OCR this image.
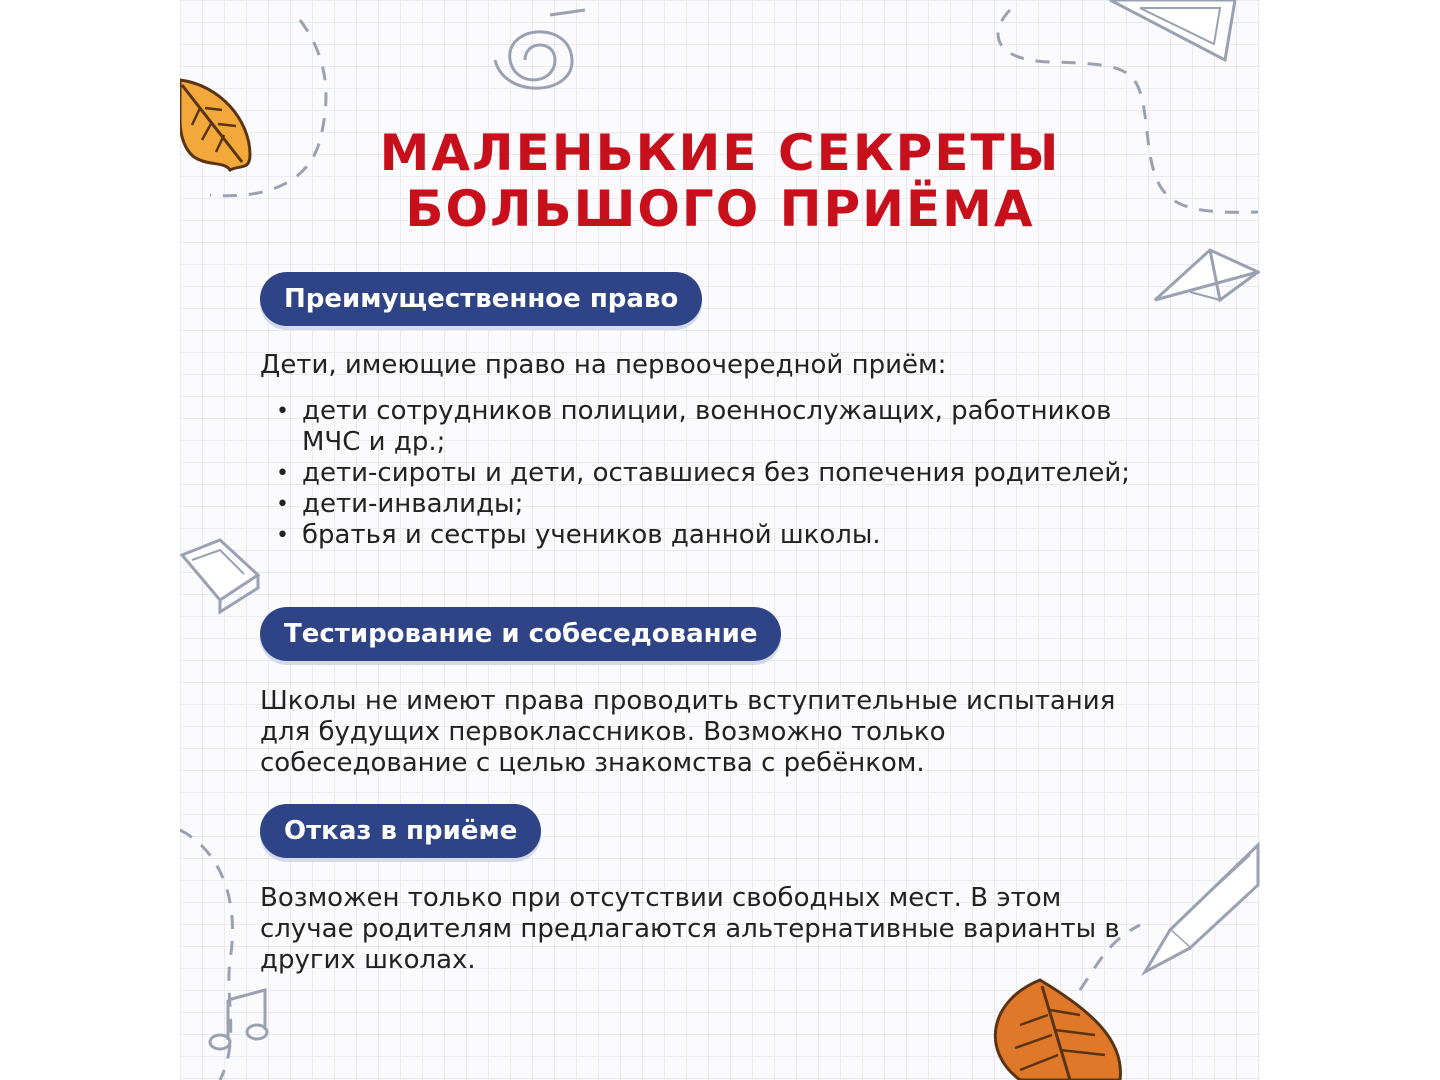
МАЛЕНЬКИЕ СЕКРЕТЫ
БОЛЬШОГО ПРИЁМА
Преимущественное право
Дети, имеющие право на первоочередной приём:
• дети сотрудников полиции, военнослужащих, работников МЧС и др.;
• дети-сироты и дети, оставшиеся без попечения родителей;
• дети-инвалиды;
• братья и сестры учеников данной школы.
Тестирование и собеседование
Школы не имеют права проводить вступительные испытания для будущих первоклассников. Возможно только собеседование с целью знакомства с ребёнком.
Отказ в приёме
Возможен только при отсутствии свободных мест. В этом случае родителям предлагаются альтернативные варианты в других школах.
